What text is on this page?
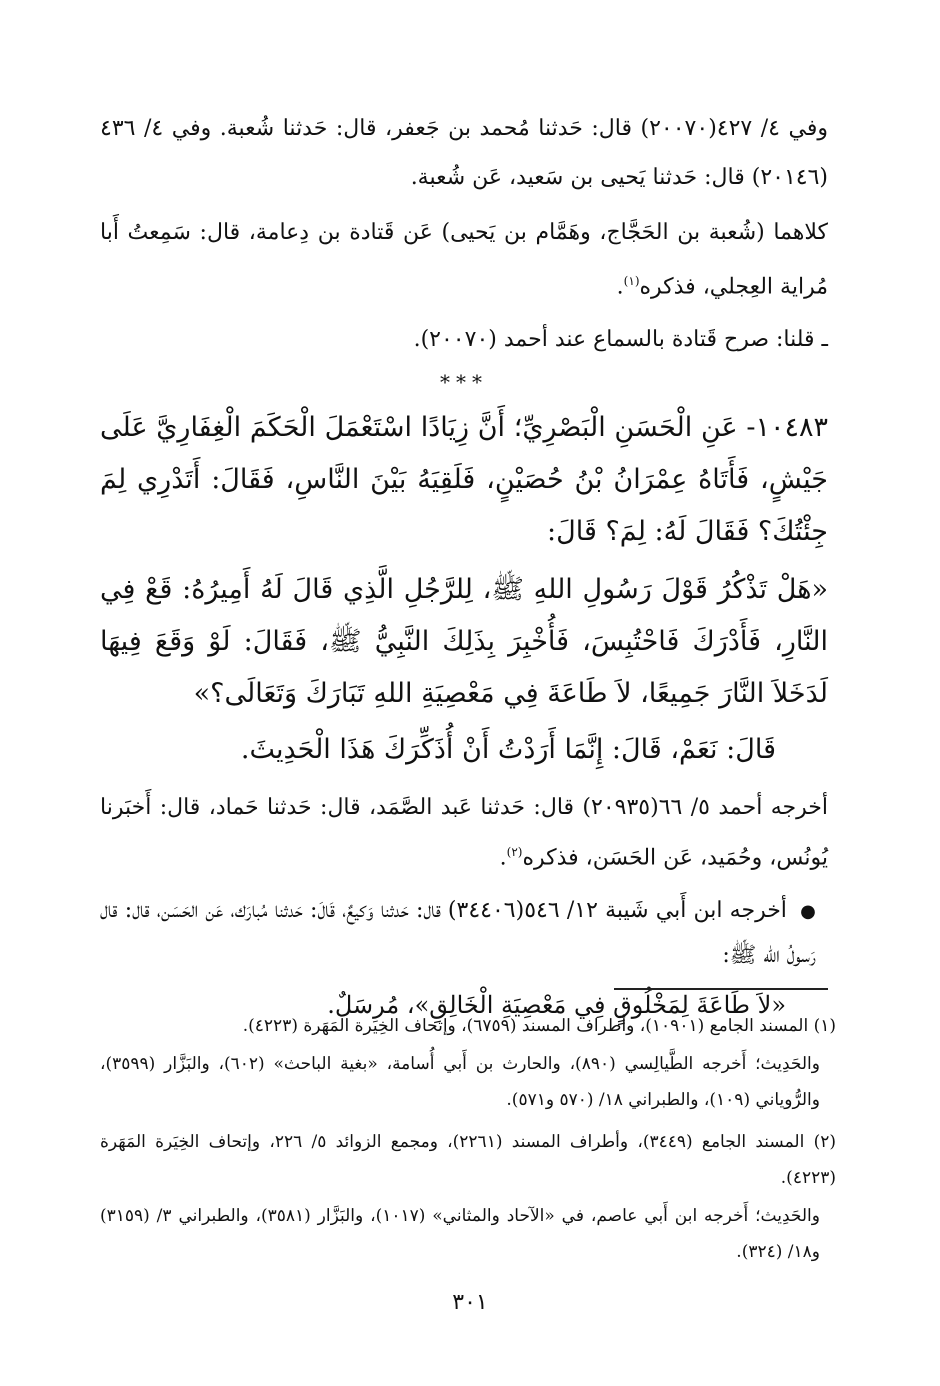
وفي ٤/ ٤٢٧(٢٠٠٧٠) قال: حَدثنا مُحمد بن جَعفر، قال: حَدثنا شُعبة. وفي ٤/ ٤٣٦ (٢٠١٤٦) قال: حَدثنا يَحيى بن سَعيد، عَن شُعبة.

كلاهما (شُعبة بن الحَجَّاج، وهَمَّام بن يَحيى) عَن قَتادة بن دِعامة، قال: سَمِعتُ أَبا مُراية العِجلي، فذكره$^{(١)}$.

ـ قلنا: صرح قَتادة بالسماع عند أحمد (٢٠٠٧٠).

***

١٠٤٨٣- عَنِ الْحَسَنِ الْبَصْرِيِّ؛ أَنَّ زِيَادًا اسْتَعْمَلَ الْحَكَمَ الْغِفَارِيَّ عَلَى جَيْشٍ، فَأَتَاهُ عِمْرَانُ بْنُ حُصَيْنٍ، فَلَقِيَهُ بَيْنَ النَّاسِ، فَقَالَ: أَتَدْرِي لِمَ جِئْتُكَ؟ فَقَالَ لَهُ: لِمَ؟ قَالَ:

«هَلْ تَذْكُرُ قَوْلَ رَسُولِ اللهِ ﷺ، لِلرَّجُلِ الَّذِي قَالَ لَهُ أَمِيرُهُ: قَعْ فِي النَّارِ، فَأَدْرَكَ فَاحْتُبِسَ، فَأُخْبِرَ بِذَلِكَ النَّبِيُّ ﷺ، فَقَالَ: لَوْ وَقَعَ فِيهَا لَدَخَلاَ النَّارَ جَمِيعًا، لاَ طَاعَةَ فِي مَعْصِيَةِ اللهِ تَبَارَكَ وَتَعَالَى؟»

قَالَ: نَعَمْ، قَالَ: إِنَّمَا أَرَدْتُ أَنْ أُذَكِّرَكَ هَذَا الْحَدِيثَ.

أخرجه أحمد ٥/ ٦٦(٢٠٩٣٥) قال: حَدثنا عَبد الصَّمَد، قال: حَدثنا حَماد، قال: أَخبَرنا يُونُس، وحُمَيد، عَن الحَسَن، فذكره$^{(٢)}$.

● أخرجه ابن أَبي شَيبة ١٢/ ٥٤٦(٣٤٤٠٦) قال: حَدثنا وَكيعٌ، قَالَ: حَدثنا مُبارَك، عَن الحَسَن، قال: قال رَسولُ الله ﷺ:

«لاَ طَاعَةَ لِمَخْلُوقٍ فِي مَعْصِيَةِ الْخَالِقِ»، مُرسَلٌ.

(١) المسند الجامع (١٠٩٠١)، وأطراف المسند (٦٧٥٩)، وإتحاف الخِيَرة المَهَرة (٤٢٢٣).

والحَدِيث؛ أَخرجه الطَّيالِسي (٨٩٠)، والحارث بن أَبي أُسامة، «بغية الباحث» (٦٠٢)، والبَزَّار (٣٥٩٩)، والرُّوياني (١٠٩)، والطبراني ١٨/ (٥٧٠ و٥٧١).

(٢) المسند الجامع (٣٤٤٩)، وأطراف المسند (٢٢٦١)، ومجمع الزوائد ٥/ ٢٢٦، وإتحاف الخِيَرة المَهَرة (٤٢٢٣).

والحَدِيث؛ أَخرجه ابن أَبي عاصم، في «الآحاد والمثاني» (١٠١٧)، والبَزَّار (٣٥٨١)، والطبراني ٣/ (٣١٥٩) و١٨/ (٣٢٤).

٣٠١
